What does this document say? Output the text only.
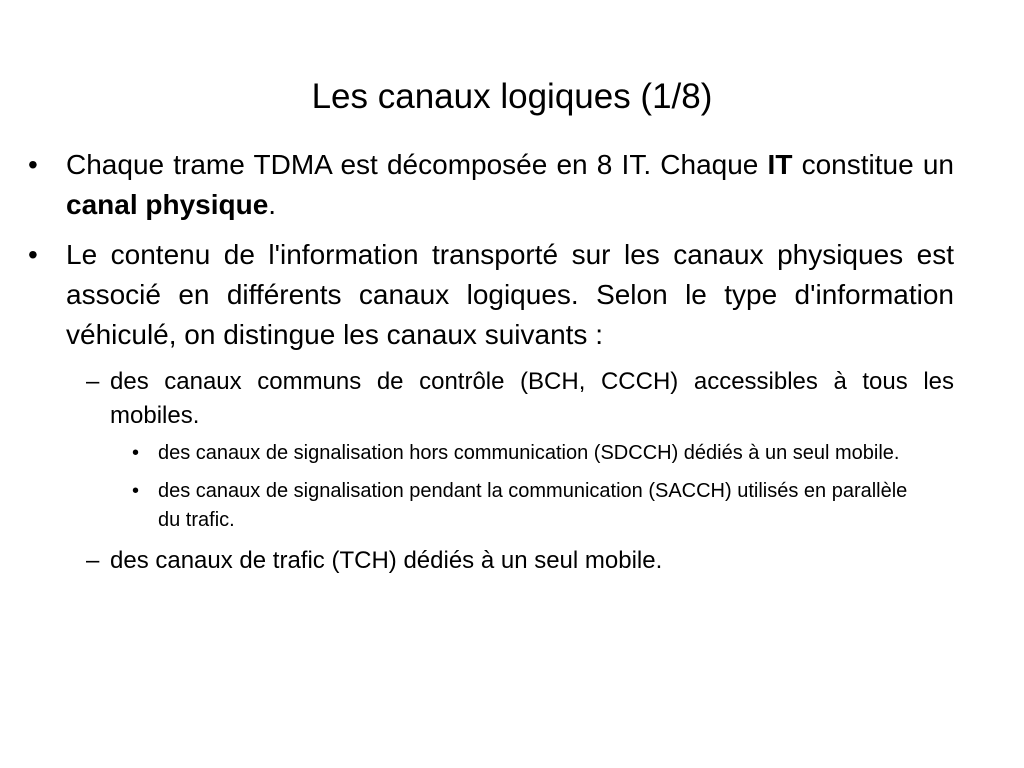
Les canaux logiques (1/8)
•	Chaque trame TDMA est décomposée en 8 IT. Chaque IT constitue un canal physique.
•	Le contenu de l'information transporté sur les canaux physiques est associé en différents canaux logiques. Selon le type d'information véhiculé, on distingue les canaux suivants :
– des canaux communs de contrôle (BCH, CCCH) accessibles à tous les mobiles.
• des canaux de signalisation hors communication (SDCCH) dédiés à un seul mobile.
• des canaux de signalisation pendant la communication (SACCH) utilisés en parallèle du trafic.
– des canaux de trafic (TCH) dédiés à un seul mobile.
